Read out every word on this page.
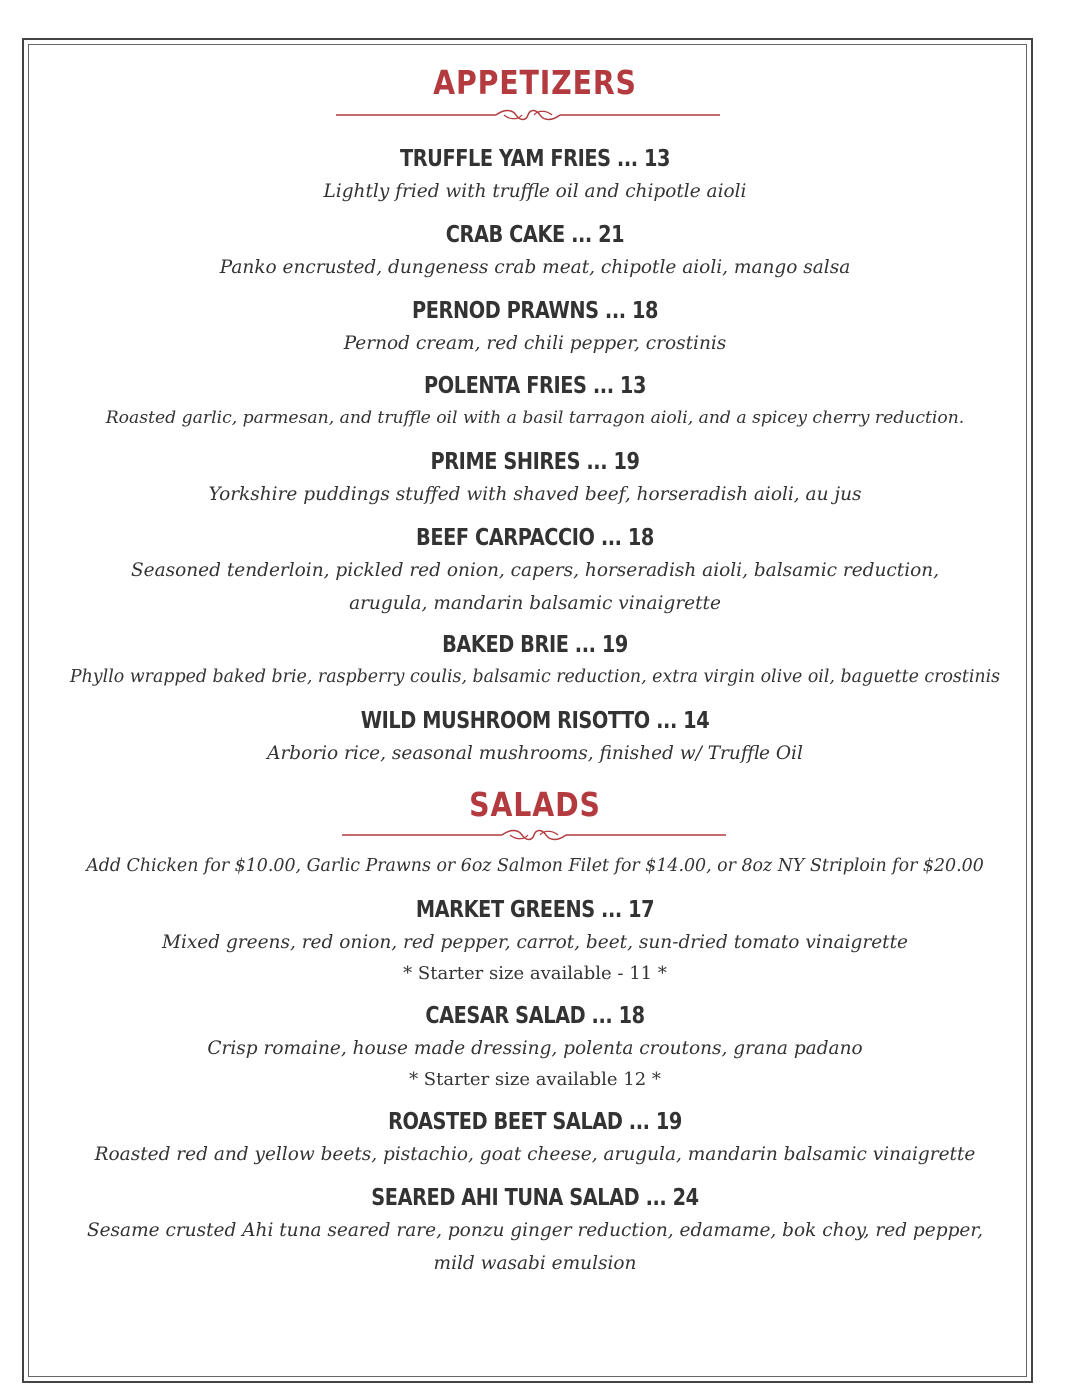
APPETIZERS
TRUFFLE YAM FRIES ... 13
Lightly fried with truffle oil and chipotle aioli
CRAB CAKE ... 21
Panko encrusted, dungeness crab meat, chipotle aioli, mango salsa
PERNOD PRAWNS ... 18
Pernod cream, red chili pepper, crostinis
POLENTA FRIES ... 13
Roasted garlic, parmesan, and truffle oil with a basil tarragon aioli, and a spicey cherry reduction.
PRIME SHIRES ... 19
Yorkshire puddings stuffed with shaved beef, horseradish aioli, au jus
BEEF CARPACCIO ... 18
Seasoned tenderloin, pickled red onion, capers, horseradish aioli, balsamic reduction, arugula, mandarin balsamic vinaigrette
BAKED BRIE ... 19
Phyllo wrapped baked brie, raspberry coulis, balsamic reduction, extra virgin olive oil, baguette crostinis
WILD MUSHROOM RISOTTO ... 14
Arborio rice, seasonal mushrooms, finished w/ Truffle Oil
SALADS
Add Chicken for $10.00, Garlic Prawns or 6oz Salmon Filet for $14.00, or 8oz NY Striploin for $20.00
MARKET GREENS ... 17
Mixed greens, red onion, red pepper, carrot, beet, sun-dried tomato vinaigrette
* Starter size available - 11 *
CAESAR SALAD ... 18
Crisp romaine, house made dressing, polenta croutons, grana padano
* Starter size available 12 *
ROASTED BEET SALAD ... 19
Roasted red and yellow beets, pistachio, goat cheese, arugula, mandarin balsamic vinaigrette
SEARED AHI TUNA SALAD ... 24
Sesame crusted Ahi tuna seared rare, ponzu ginger reduction, edamame, bok choy, red pepper, mild wasabi emulsion
